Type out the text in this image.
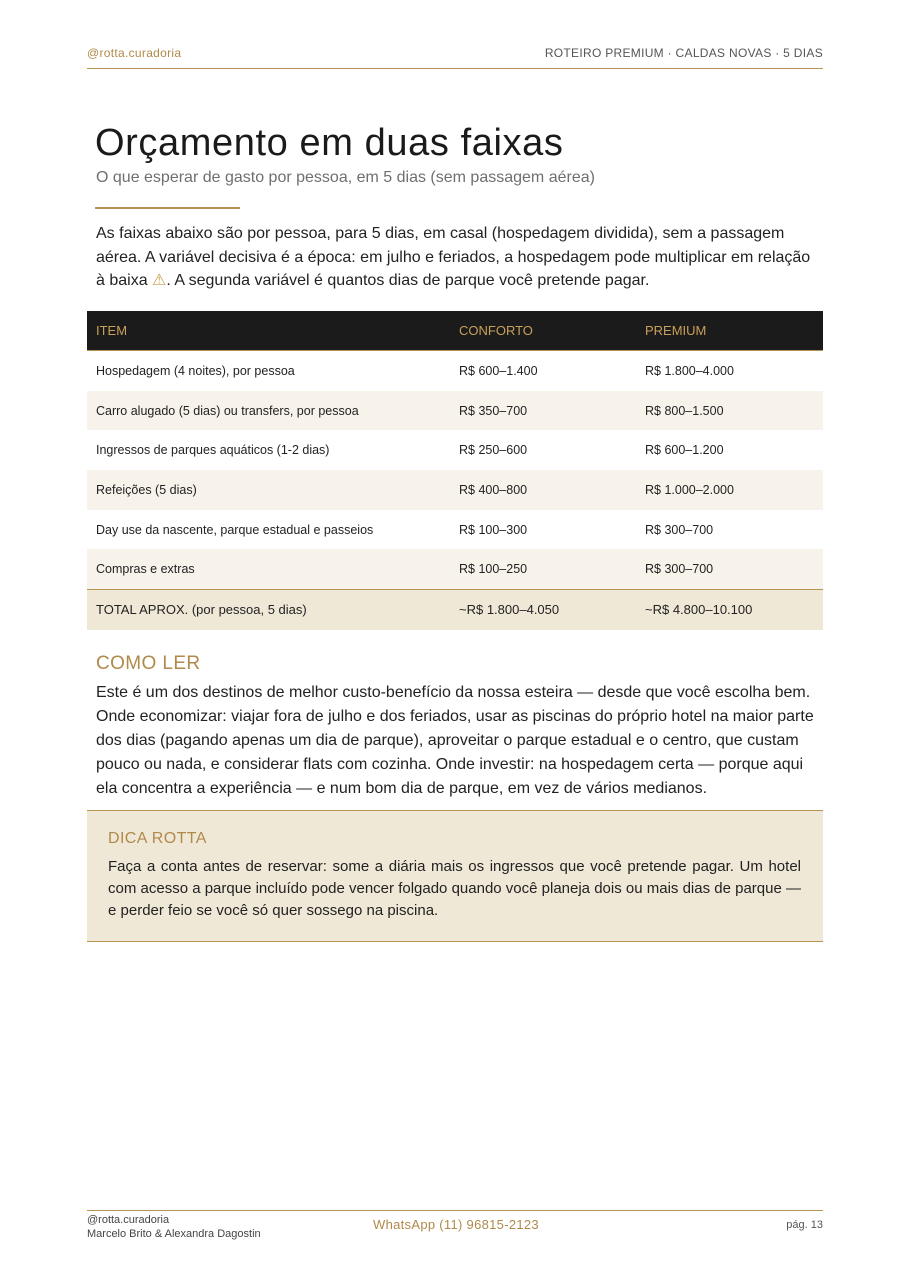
@rotta.curadoria	ROTEIRO PREMIUM · CALDAS NOVAS · 5 DIAS
Orçamento em duas faixas
O que esperar de gasto por pessoa, em 5 dias (sem passagem aérea)

As faixas abaixo são por pessoa, para 5 dias, em casal (hospedagem dividida), sem a passagem aérea. A variável decisiva é a época: em julho e feriados, a hospedagem pode multiplicar em relação à baixa ⚠. A segunda variável é quantos dias de parque você pretende pagar.

ITEM	CONFORTO	PREMIUM
Hospedagem (4 noites), por pessoa	R$ 600–1.400	R$ 1.800–4.000
Carro alugado (5 dias) ou transfers, por pessoa	R$ 350–700	R$ 800–1.500
Ingressos de parques aquáticos (1-2 dias)	R$ 250–600	R$ 600–1.200
Refeições (5 dias)	R$ 400–800	R$ 1.000–2.000
Day use da nascente, parque estadual e passeios	R$ 100–300	R$ 300–700
Compras e extras	R$ 100–250	R$ 300–700
TOTAL APROX. (por pessoa, 5 dias)	~R$ 1.800–4.050	~R$ 4.800–10.100
COMO LER

Este é um dos destinos de melhor custo-benefício da nossa esteira — desde que você escolha bem. Onde economizar: viajar fora de julho e dos feriados, usar as piscinas do próprio hotel na maior parte dos dias (pagando apenas um dia de parque), aproveitar o parque estadual e o centro, que custam pouco ou nada, e considerar flats com cozinha. Onde investir: na hospedagem certa — porque aqui ela concentra a experiência — e num bom dia de parque, em vez de vários medianos.

DICA ROTTA

Faça a conta antes de reservar: some a diária mais os ingressos que você pretende pagar. Um hotel com acesso a parque incluído pode vencer folgado quando você planeja dois ou mais dias de parque — e perder feio se você só quer sossego na piscina.

@rotta.curadoria
Marcelo Brito & Alexandra Dagostin
WhatsApp (11) 96815-2123	pág. 13
